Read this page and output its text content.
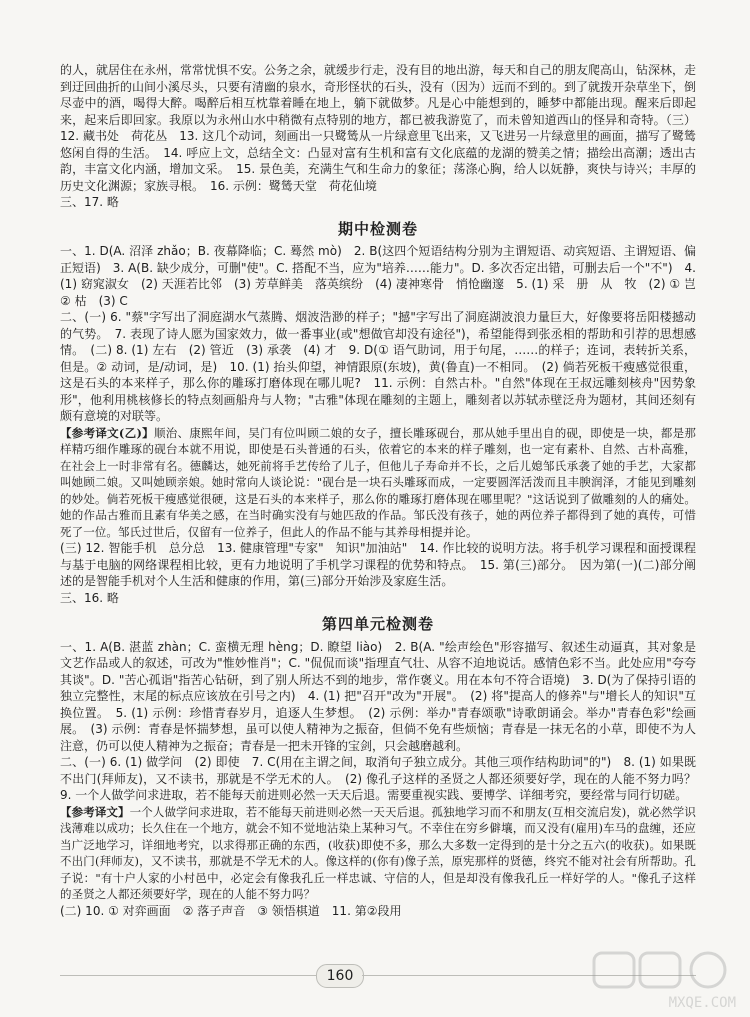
的人，就居住在永州，常常忧惧不安。公务之余，就缓步行走，没有目的地出游，每天和自己的朋友爬高山，钻深林，走到迂回曲折的山间小溪尽头，只要有清幽的泉水，奇形怪状的石头，没有（因为）远而不到的。到了就拨开杂草坐下，倒尽壶中的酒，喝得大醉。喝醉后相互枕靠着睡在地上，躺下就做梦。凡是心中能想到的，睡梦中都能出现。醒来后即起来，起来后即回家。我原以为永州山水中稍微有点特别的地方，都已被我游览了，而未曾知道西山的怪异和奇特。（三）12. 藏书处　荷花丛　13. 这几个动词，刻画出一只鹭鸶从一片绿意里飞出来，又飞进另一片绿意里的画面，描写了鹭鸶悠闲自得的生活。　14. 呼应上文，总结全文：凸显对富有生机和富有文化底蕴的龙湖的赞美之情；描绘出高潮；透出古韵，丰富文化内涵，增加文采。　15. 景色美，充满生气和生命力的象征；荡涤心胸，给人以妩静，爽快与诗兴；丰厚的历史文化渊源；家族寻根。　16. 示例：鹭鸶天堂　荷花仙境

三、17. 略

期中检测卷

一、1. D(A. 沼泽 zhǎo；B. 夜幕降临；C. 蓦然 mò)　2. B(这四个短语结构分别为主谓短语、动宾短语、主谓短语、偏正短语)　3. A(B. 缺少成分，可删"使"。C. 搭配不当，应为"培养……能力"。D. 多次否定出错，可删去后一个"不")　4. (1) 窈窕淑女　(2) 天涯若比邻　(3) 芳草鲜美　落英缤纷　(4) 凄神寒骨　悄怆幽邃　5. (1) 采　册　从　牧　(2) ① 岂　② 枯　(3) C

二、(一) 6. "蔡"字写出了洞庭湖水气蒸腾、烟波浩渺的样子；"撼"字写出了洞庭湖波浪力量巨大，好像要将岳阳楼撼动的气势。　7. 表现了诗人愿为国家效力，做一番事业(或"想做官却没有途径")，希望能得到张丞相的帮助和引荐的思想感情。　(二) 8. (1) 左右　(2) 管近　(3) 承袭　(4) 才　9. D(① 语气助词，用于句尾，……的样子；连词，表转折关系，但是。② 动词，是/动词，是)　10. (1) 抬头仰望，神情跟原(东坡)，黄(鲁直)一不相同。　(2) 倘若死板干瘦感觉很重，这是石头的本来样子，那么你的雕琢打磨体现在哪儿呢?　11. 示例：自然古朴。"自然"体现在王叔远雕刻核舟"因势象形"，他利用桃核修长的特点刻画船舟与人物；"古雅"体现在雕刻的主题上，雕刻者以苏轼赤壁泛舟为题材，其间还刻有颇有意境的对联等。

【参考译文(乙)】顺治、康熙年间，吴门有位叫顾二娘的女子，擅长雕琢砚台，那从她手里出自的砚，即使是一块，都是那样精巧细作雕琢的砚台本就不用说，即使是石头普通的石头，依着它的本来的样子雕刻，也一定有素朴、自然、古朴高雅，在社会上一时非常有名。德麟达，她死前将手艺传给了儿子，但他儿子寿命并不长，之后儿媳邹氏承袭了她的手艺，大家都叫她顾二娘。又叫她顾亲娘。她时常向人谈论说："砚台是一块石头雕琢而成，一定要圆浑活泼而且丰腴润泽，才能见到雕刻的妙处。倘若死板干瘦感觉很硬，这是石头的本来样子，那么你的雕琢打磨体现在哪里呢？"这话说到了做雕刻的人的痛处。她的作品古雅而且素有华美之感，在当时确实没有与她匹敌的作品。邹氏没有孩子，她的两位养子都得到了她的真传，可惜死了一位。邹氏过世后，仅留有一位养子，但此人的作品不能与其养母相提并论。

(三) 12. 智能手机　总分总　13. 健康管理"专家"　知识"加油站"　14. 作比较的说明方法。将手机学习课程和面授课程与基于电脑的网络课程相比较，更有力地说明了手机学习课程的优势和特点。　15. 第(三)部分。　因为第(一)(二)部分阐述的是智能手机对个人生活和健康的作用，第(三)部分开始涉及家庭生活。

三、16. 略

第四单元检测卷

一、1. A(B. 湛蓝 zhàn；C. 蛮横无理 hèng；D. 瞭望 liào)　2. B(A. "绘声绘色"形容描写、叙述生动逼真，其对象是文艺作品或人的叙述，可改为"惟妙惟肖"；C. "侃侃而谈"指理直气壮、从容不迫地说话。感情色彩不当。此处应用"夸夸其谈"。D. "苦心孤诣"指苦心钻研，到了别人所达不到的地步，常作褒义。用在本句不符合语境)　3. D(为了保持引语的独立完整性，末尾的标点应该放在引号之内)　4. (1) 把"召开"改为"开展"。　(2) 将"提高人的修养"与"增长人的知识"互换位置。　5. (1) 示例：珍惜青春岁月，追逐人生梦想。　(2) 示例：举办"青春颂歌"诗歌朗诵会。举办"青春色彩"绘画展。　(3) 示例：青春是怀揣梦想，虽可以使人精神为之振奋，但倘不免有些烦恼；青春是一抹无名的小草，即使不为人注意，仍可以使人精神为之振奋；青春是一把未开锋的宝剑，只会越磨越利。

二、(一) 6. (1) 做学问　(2) 即使　7. C(用在主谓之间，取消句子独立成分。其他三项作结构助词"的")　8. (1) 如果既不出门(拜师友)，又不读书，那就是不学无术的人。　(2) 像孔子这样的圣贤之人都还须要好学，现在的人能不努力吗？　9. 一个人做学问求进取，若不能每天前进则必然一天天后退。需要重视实践、要博学、详细考究，要经常与同行切磋。

【参考译文】一个人做学问求进取，若不能每天前进则必然一天天后退。孤独地学习而不和朋友(互相交流启发)，就必然学识浅薄难以成功；长久住在一个地方，就会不知不觉地沾染上某种习气。不幸住在穷乡僻壤，而又没有(雇用)车马的盘缠，还应当广泛地学习，详细地考究，以求得那正确的东西，(收获)即使不多，那么大多数一定得到的是十分之五六(的收获)。如果既不出门(拜师友)，又不读书，那就是不学无术的人。像这样的(你有)像子羔，原宪那样的贤德，终究不能对社会有所帮助。孔子说："有十户人家的小村邑中，必定会有像我孔丘一样忠诚、守信的人，但是却没有像我孔丘一样好学的人。"像孔子这样的圣贤之人都还须要好学，现在的人能不努力吗？

(二) 10. ① 对弈画面　② 落子声音　③ 领悟棋道　11. 第②段用

160
MXQE.COM
